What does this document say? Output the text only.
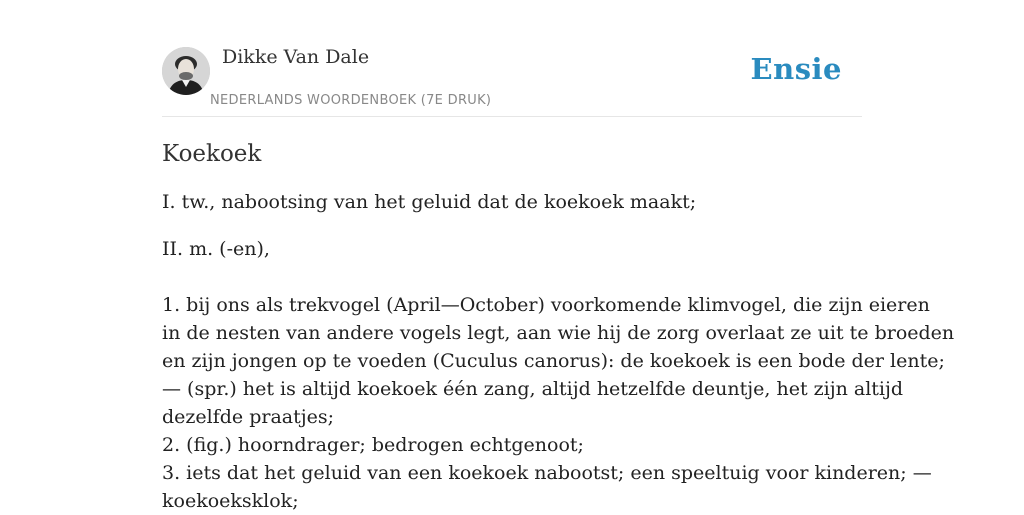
Dikke Van Dale
NEDERLANDS WOORDENBOEK (7E DRUK)
Ensie
Koekoek
I. tw., nabootsing van het geluid dat de koekoek maakt;
II. m. (-en),
1. bij ons als trekvogel (April—October) voorkomende klimvogel, die zijn eieren
in de nesten van andere vogels legt, aan wie hij de zorg overlaat ze uit te broeden
en zijn jongen op te voeden (Cuculus canorus): de koekoek is een bode der lente;
— (spr.) het is altijd koekoek één zang, altijd hetzelfde deuntje, het zijn altijd
dezelfde praatjes;
2. (fig.) hoorndrager; bedrogen echtgenoot;
3. iets dat het geluid van een koekoek nabootst; een speeltuig voor kinderen; —
koekoeksklok;
